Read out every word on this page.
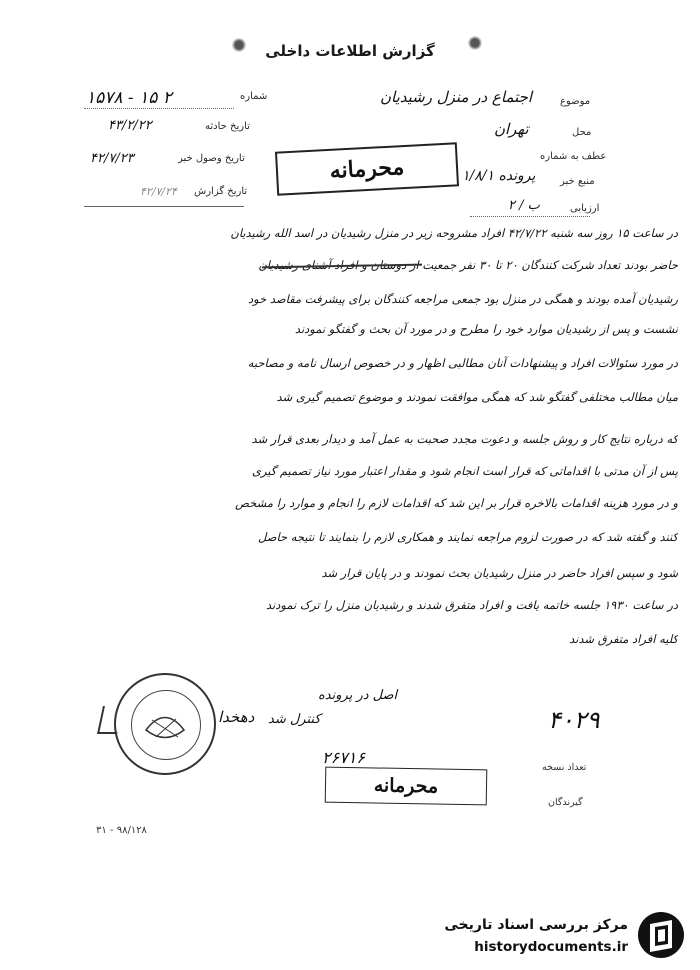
گزارش اطلاعات داخلی
شماره
۱۵۷۸ - ۱۵ ۲
تاریخ حادثه
۴۳/۲/۲۲
تاریخ وصول خبر
۴۲/۷/۲۳
تاریخ گزارش
۴۲/۷/۲۴
موضوع
اجتماع در منزل رشیدیان
محل
تهران
عطف به شماره
منبع خبر
پرونده ۱/۸/۱
ارزیابی
ب / ۲
محرمانه
در ساعت ۱۵ روز سه شنبه ۴۲/۷/۲۲ افراد مشروحه زیر در منزل رشیدیان در اسد الله رشیدیان
حاضر بودند تعداد شرکت کنندگان ۲۰ تا ۳۰ نفر جمعیت از دوستان و افراد آشنای رشیدیان
رشیدیان آمده بودند و همگی در منزل بود جمعی مراجعه کنندگان برای پیشرفت مقاصد خود
نشست و پس از رشیدیان موارد خود را مطرح و در مورد آن بحث و گفتگو نمودند
در مورد سئوالات افراد و پیشنهادات آنان مطالبی اظهار و در خصوص ارسال نامه و مصاحبه
میان مطالب مختلفی گفتگو شد که همگی موافقت نمودند و موضوع تصمیم گیری شد
که درباره نتایج کار و روش جلسه و دعوت مجدد صحبت به عمل آمد و دیدار بعدی قرار شد
پس از آن مدتی با اقداماتی که قرار است انجام شود و مقدار اعتبار مورد نیاز تصمیم گیری
و در مورد هزینه اقدامات بالاخره قرار بر این شد که اقدامات لازم را انجام و موارد را مشخص
کنند و گفته شد که در صورت لزوم مراجعه نمایند و همکاری لازم را بنمایند تا نتیجه حاصل
شود و سپس افراد حاضر در منزل رشیدیان بحث نمودند و در پایان قرار شد
در ساعت ۱۹۳۰ جلسه خاتمه یافت و افراد متفرق شدند و رشیدیان منزل را ترک نمودند
کلیه افراد متفرق شدند
اصل در پرونده
کنترل شد	۴۰۲۹
۲۶۷۱۶
دهخدا
تعداد نسخه
گیرندگان
محرمانه
۳۱ - ۹۸/۱۲۸
مرکز بررسی اسناد تاریخی
historydocuments.ir
